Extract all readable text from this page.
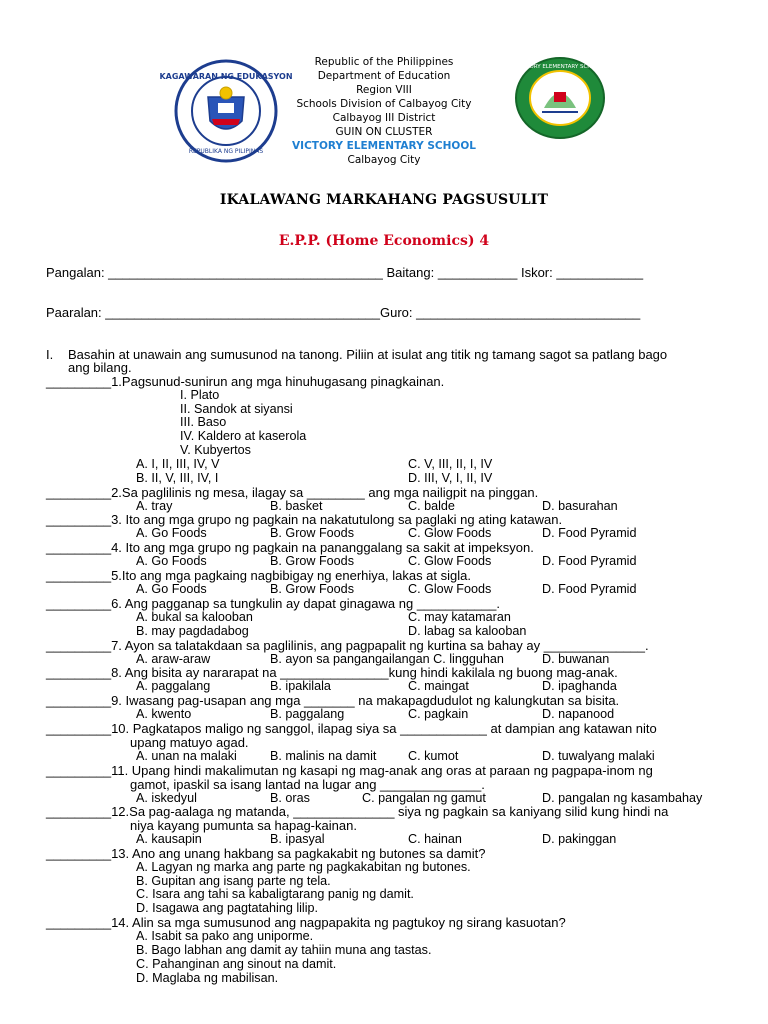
KAGAWARAN NG EDUKASYON
REPUBLIKA NG PILIPINAS
VICTORY ELEMENTARY SCHOOL
Republic of the Philippines
Department of Education
Region VIII
Schools Division of Calbayog City
Calbayog III District
GUIN ON CLUSTER
VICTORY ELEMENTARY SCHOOL
Calbayog City
IKALAWANG MARKAHANG PAGSUSULIT
E.P.P. (Home Economics) 4
Pangalan: ______________________________________ Baitang: ___________ Iskor: ____________
Paaralan: ______________________________________Guro: _______________________________
I. Basahin at unawain ang sumusunod na tanong. Piliin at isulat ang titik ng tamang sagot sa patlang bago
ang bilang.
_________1.Pagsunud-sunirun ang mga hinuhugasang pinagkainan.
I. Plato
II. Sandok at siyansi
III. Baso
IV. Kaldero at kaserola
V. Kubyertos
A. I, II, III, IV, V	C. V, III, II, I, IV
B. II, V, III, IV, I	D. III, V, I, II, IV
_________2.Sa paglilinis ng mesa, ilagay sa ________ ang mga nailigpit na pinggan.
A. tray	B. basket	C. balde	D. basurahan
_________3. Ito ang mga grupo ng pagkain na nakatutulong sa paglaki ng ating katawan.
A. Go Foods	B. Grow Foods	C. Glow Foods	D. Food Pyramid
_________4. Ito ang mga grupo ng pagkain na pananggalang sa sakit at impeksyon.
A. Go Foods	B. Grow Foods	C. Glow Foods	D. Food Pyramid
_________5.Ito ang mga pagkaing nagbibigay ng enerhiya, lakas at sigla.
A. Go Foods	B. Grow Foods	C. Glow Foods	D. Food Pyramid
_________6. Ang pagganap sa tungkulin ay dapat ginagawa ng ___________.
A. bukal sa kalooban	C. may katamaran
B. may pagdadabog	D. labag sa kalooban
_________7. Ayon sa talatakdaan sa paglilinis, ang pagpapalit ng kurtina sa bahay ay ______________.
A. araw-araw	B. ayon sa pangangailangan C. lingguhan	D. buwanan
_________8. Ang bisita ay nararapat na _______________kung hindi kakilala ng buong mag-anak.
A. paggalang	B. ipakilala	C. maingat	D. ipaghanda
_________9. Iwasang pag-usapan ang mga _______ na makapagdudulot ng kalungkutan sa bisita.
A. kwento	B. paggalang	C. pagkain	D. napanood
_________10. Pagkatapos maligo ng sanggol, ilapag siya sa ____________ at dampian ang katawan nito
upang matuyo agad.
A. unan na malaki	B. malinis na damit	C. kumot	D. tuwalyang malaki
_________11. Upang hindi makalimutan ng kasapi ng mag-anak ang oras at paraan ng pagpapa-inom ng
gamot, ipaskil sa isang lantad na lugar ang ______________.
A. iskedyul	B. oras	C. pangalan ng gamut	D. pangalan ng kasambahay
_________12.Sa pag-aalaga ng matanda, ______________ siya ng pagkain sa kaniyang silid kung hindi na
niya kayang pumunta sa hapag-kainan.
A. kausapin	B. ipasyal	C. hainan	D. pakinggan
_________13. Ano ang unang hakbang sa pagkakabit ng butones sa damit?
A. Lagyan ng marka ang parte ng pagkakabitan ng butones.
B. Gupitan ang isang parte ng tela.
C. Isara ang tahi sa kabaligtarang panig ng damit.
D. Isagawa ang pagtatahing lilip.
_________14. Alin sa mga sumusunod ang nagpapakita ng pagtukoy ng sirang kasuotan?
A. Isabit sa pako ang uniporme.
B. Bago labhan ang damit ay tahiin muna ang tastas.
C. Pahanginan ang sinout na damit.
D. Maglaba ng mabilisan.
